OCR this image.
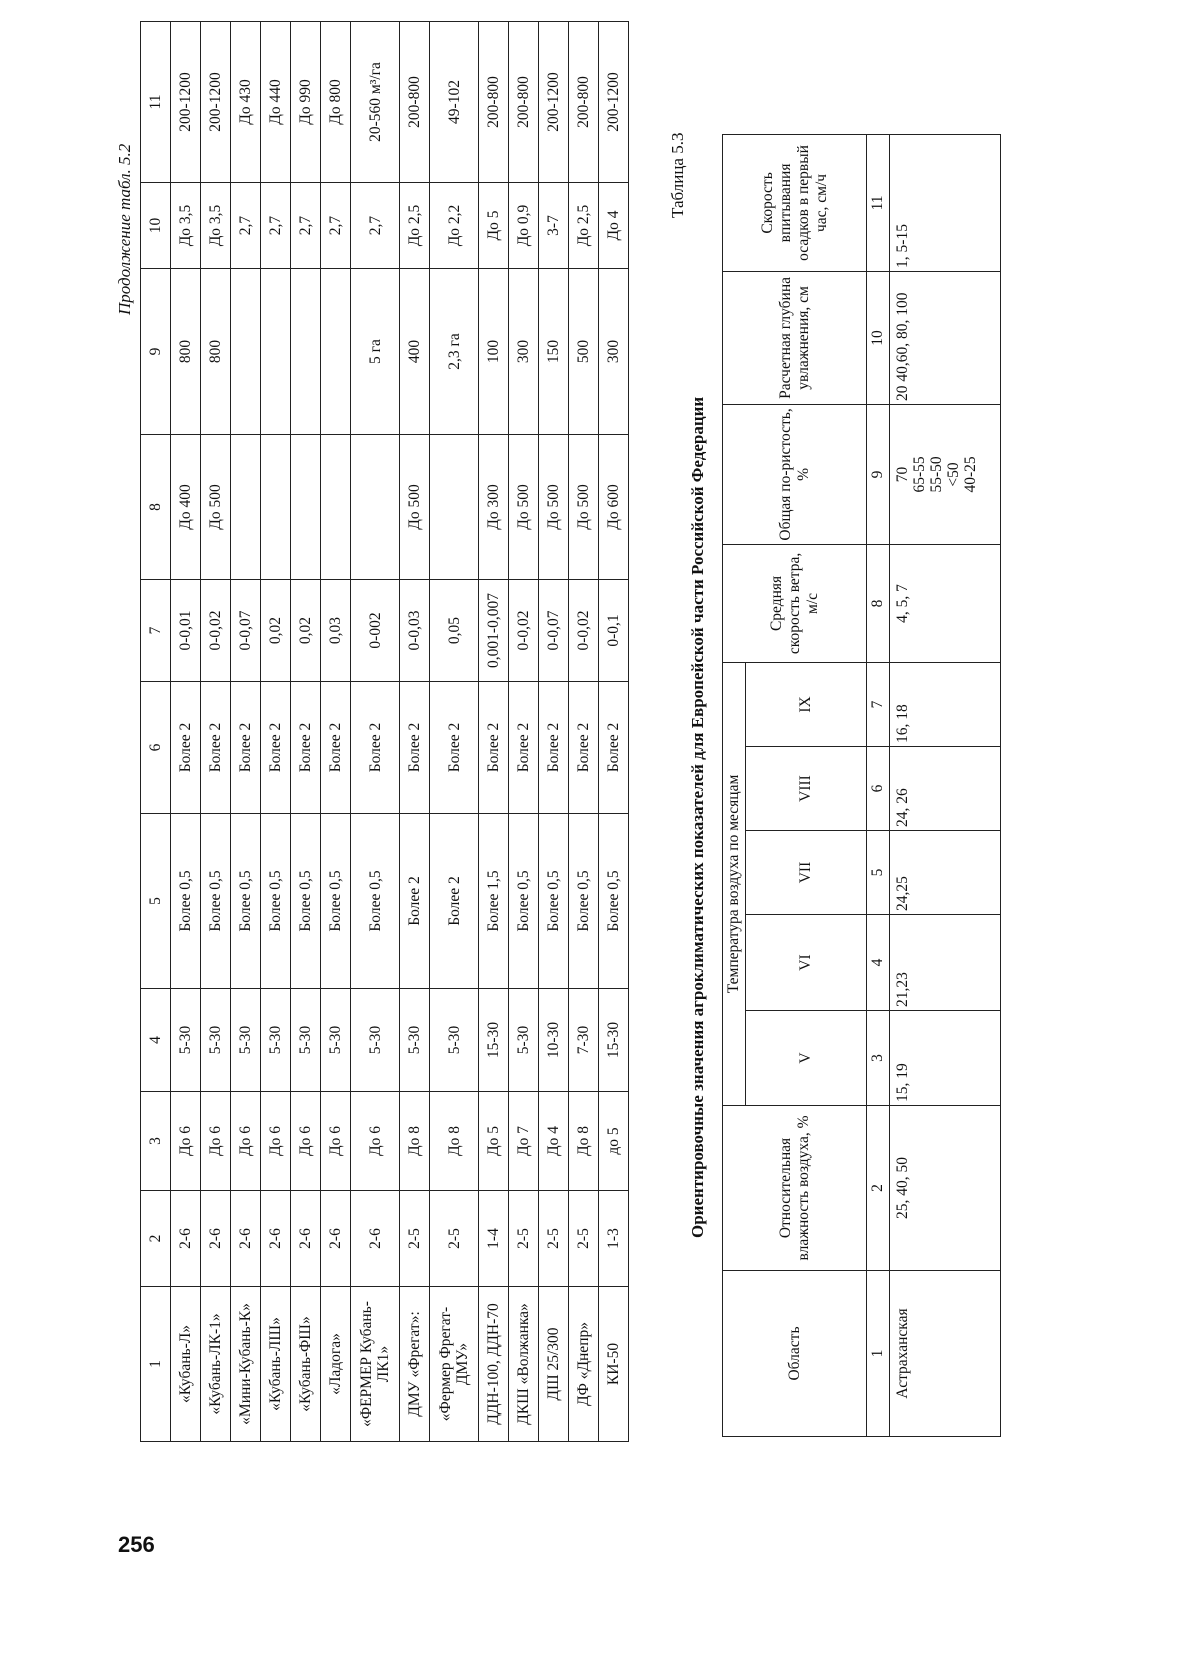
256
1	2	3	4	5	6	7	8	9	10	11
«Кубань-Л»	2-6	До 6	5-30	Более 0,5	Более 2	0-0,01	До 400	800	До 3,5	200-1200
«Кубань-ЛК-1»	2-6	До 6	5-30	Более 0,5	Более 2	0-0,02	До 500	800	До 3,5	200-1200
«Мини-Кубань-К»	2-6	До 6	5-30	Более 0,5	Более 2	0-0,07			2,7	До 430
«Кубань-ЛШ»	2-6	До 6	5-30	Более 0,5	Более 2	0,02			2,7	До 440
«Кубань-ФШ»	2-6	До 6	5-30	Более 0,5	Более 2	0,02			2,7	До 990
«Ладога»	2-6	До 6	5-30	Более 0,5	Более 2	0,03			2,7	До 800
«ФЕРМЕР Кубань-ЛК1»	2-6	До 6	5-30	Более 0,5	Более 2	0-002		5 га	2,7	20-560 м³/га
ДМУ «Фрегат»:	2-5	До 8	5-30	Более 2	Более 2	0-0,03	До 500	400	До 2,5	200-800
«Фермер Фрегат-ДМУ»	2-5	До 8	5-30	Более 2	Более 2	0,05		2,3 га	До 2,2	49-102
ДДН-100, ДДН-70	1-4	До 5	15-30	Более 1,5	Более 2	0,001-0,007	До 300	100	До 5	200-800
ДКШ «Волжанка»	2-5	До 7	5-30	Более 0,5	Более 2	0-0,02	До 500	300	До 0,9	200-800
ДШ 25/300	2-5	До 4	10-30	Более 0,5	Более 2	0-0,07	До 500	150	3-7	200-1200
ДФ «Днепр»	2-5	До 8	7-30	Более 0,5	Более 2	0-0,02	До 500	500	До 2,5	200-800
КИ-50	1-3	до 5	15-30	Более 0,5	Более 2	0-0,1	До 600	300	До 4	200-1200
Продолжение табл. 5.2	Таблица 5.3
Ориентировочные значения агроклиматических показателей для Европейской части Российской Федерации
Область	Относительная влажность воздуха, %	Температура воздуха по месяцам					Средняя скорость ветра, м/с	Общая по-ристость, %	Расчетная глубина увлажнения, см	Скорость впитывания осадков в первый час, см/ч
		V	VI	VII	VIII	IX				
1	2	3	4	5	6	7	8	9	10	11
Астраханская	25, 40, 50	15, 19	21,23	24,25	24, 26	16, 18	4, 5, 7	70 65-55 55-50 <50 40-25	20 40,60, 80, 100	1, 5-15
